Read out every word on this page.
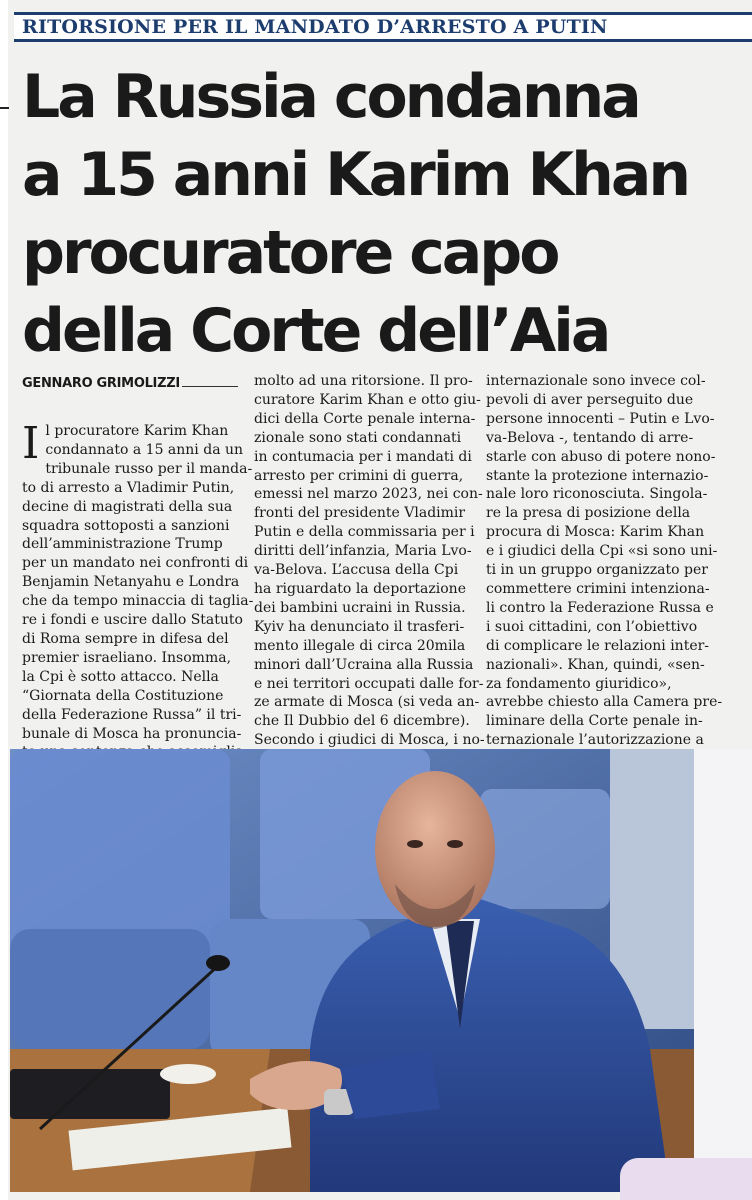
RITORSIONE PER IL MANDATO D’ARRESTO A PUTIN
La Russia condanna
a 15 anni Karim Khan
procuratore capo
della Corte dell’Aia
GENNARO GRIMOLIZZI
I l procuratore Karim Khan
condannato a 15 anni da un
tribunale russo per il manda-
to di arresto a Vladimir Putin,
decine di magistrati della sua
squadra sottoposti a sanzioni
dell’amministrazione Trump
per un mandato nei confronti di
Benjamin Netanyahu e Londra
che da tempo minaccia di taglia-
re i fondi e uscire dallo Statuto
di Roma sempre in difesa del
premier israeliano. Insomma,
la Cpi è sotto attacco. Nella
“Giornata della Costituzione
della Federazione Russa” il tri-
bunale di Mosca ha pronuncia-
molto ad una ritorsione. Il pro-
curatore Karim Khan e otto giu-
dici della Corte penale interna-
zionale sono stati condannati
in contumacia per i mandati di
arresto per crimini di guerra,
emessi nel marzo 2023, nei con-
fronti del presidente Vladimir
Putin e della commissaria per i
diritti dell’infanzia, Maria Lvo-
va-Belova. L’accusa della Cpi
ha riguardato la deportazione
dei bambini ucraini in Russia.
Kyiv ha denunciato il trasferi-
mento illegale di circa 20mila
minori dall’Ucraina alla Russia
e nei territori occupati dalle for-
ze armate di Mosca (si veda an-
che Il Dubbio del 6 dicembre).
Secondo i giudici di Mosca, i no-
internazionale sono invece col-
pevoli di aver perseguito due
persone innocenti – Putin e Lvo-
va-Belova -, tentando di arre-
starle con abuso di potere nono-
stante la protezione internazio-
nale loro riconosciuta. Singola-
re la presa di posizione della
procura di Mosca: Karim Khan
e i giudici della Cpi «si sono uni-
ti in un gruppo organizzato per
commettere crimini intenziona-
li contro la Federazione Russa e
i suoi cittadini, con l’obiettivo
di complicare le relazioni inter-
nazionali». Khan, quindi, «sen-
za fondamento giuridico»,
avrebbe chiesto alla Camera pre-
liminare della Corte penale in-
ternazionale l’autorizzazione a
